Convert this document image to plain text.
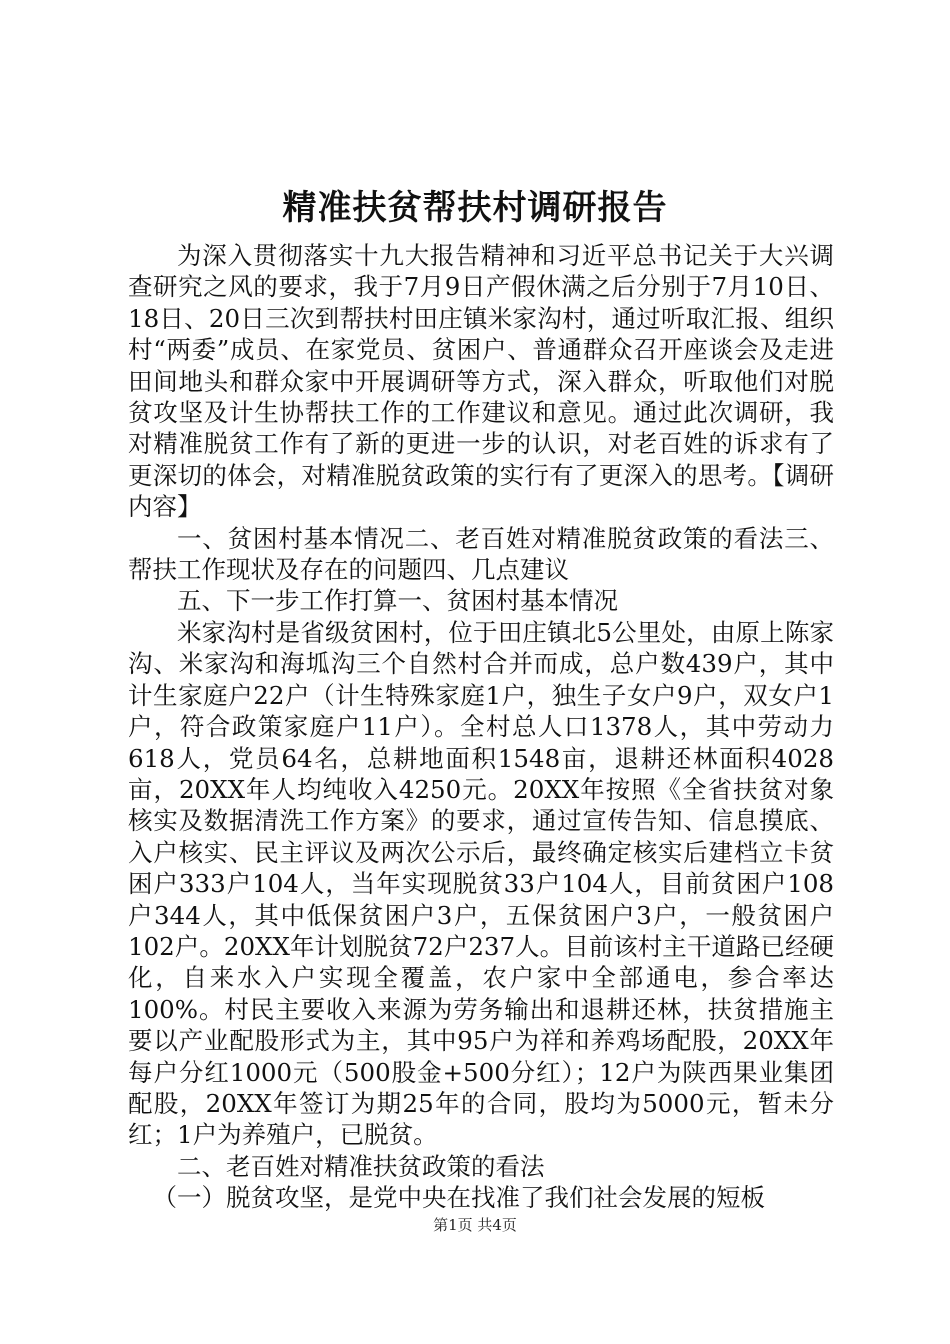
精准扶贫帮扶村调研报告

为深入贯彻落实十九大报告精神和习近平总书记关于大兴调查研究之风的要求，我于7月9日产假休满之后分别于7月10日、18日、20日三次到帮扶村田庄镇米家沟村，通过听取汇报、组织村“两委”成员、在家党员、贫困户、普通群众召开座谈会及走进田间地头和群众家中开展调研等方式，深入群众，听取他们对脱贫攻坚及计生协帮扶工作的工作建议和意见。通过此次调研，我对精准脱贫工作有了新的更进一步的认识，对老百姓的诉求有了更深切的体会，对精准脱贫政策的实行有了更深入的思考。【调研内容】

一、贫困村基本情况二、老百姓对精准脱贫政策的看法三、帮扶工作现状及存在的问题四、几点建议

五、下一步工作打算一、贫困村基本情况

米家沟村是省级贫困村，位于田庄镇北5公里处，由原上陈家沟、米家沟和海坬沟三个自然村合并而成，总户数439户，其中计生家庭户22户（计生特殊家庭1户，独生子女户9户，双女户1户，符合政策家庭户11户）。全村总人口1378人，其中劳动力618人，党员64名，总耕地面积1548亩，退耕还林面积4028亩，20XX年人均纯收入4250元。20XX年按照《全省扶贫对象核实及数据清洗工作方案》的要求，通过宣传告知、信息摸底、入户核实、民主评议及两次公示后，最终确定核实后建档立卡贫困户333户104人，当年实现脱贫33户104人，目前贫困户108户344人，其中低保贫困户3户，五保贫困户3户，一般贫困户102户。20XX年计划脱贫72户237人。目前该村主干道路已经硬化，自来水入户实现全覆盖，农户家中全部通电，参合率达100%。村民主要收入来源为劳务输出和退耕还林，扶贫措施主要以产业配股形式为主，其中95户为祥和养鸡场配股，20XX年每户分红1000元（500股金+500分红）；12户为陕西果业集团配股，20XX年签订为期25年的合同，股均为5000元，暂未分红；1户为养殖户，已脱贫。

二、老百姓对精准扶贫政策的看法

（一）脱贫攻坚，是党中央在找准了我们社会发展的短板

第1页 共4页
